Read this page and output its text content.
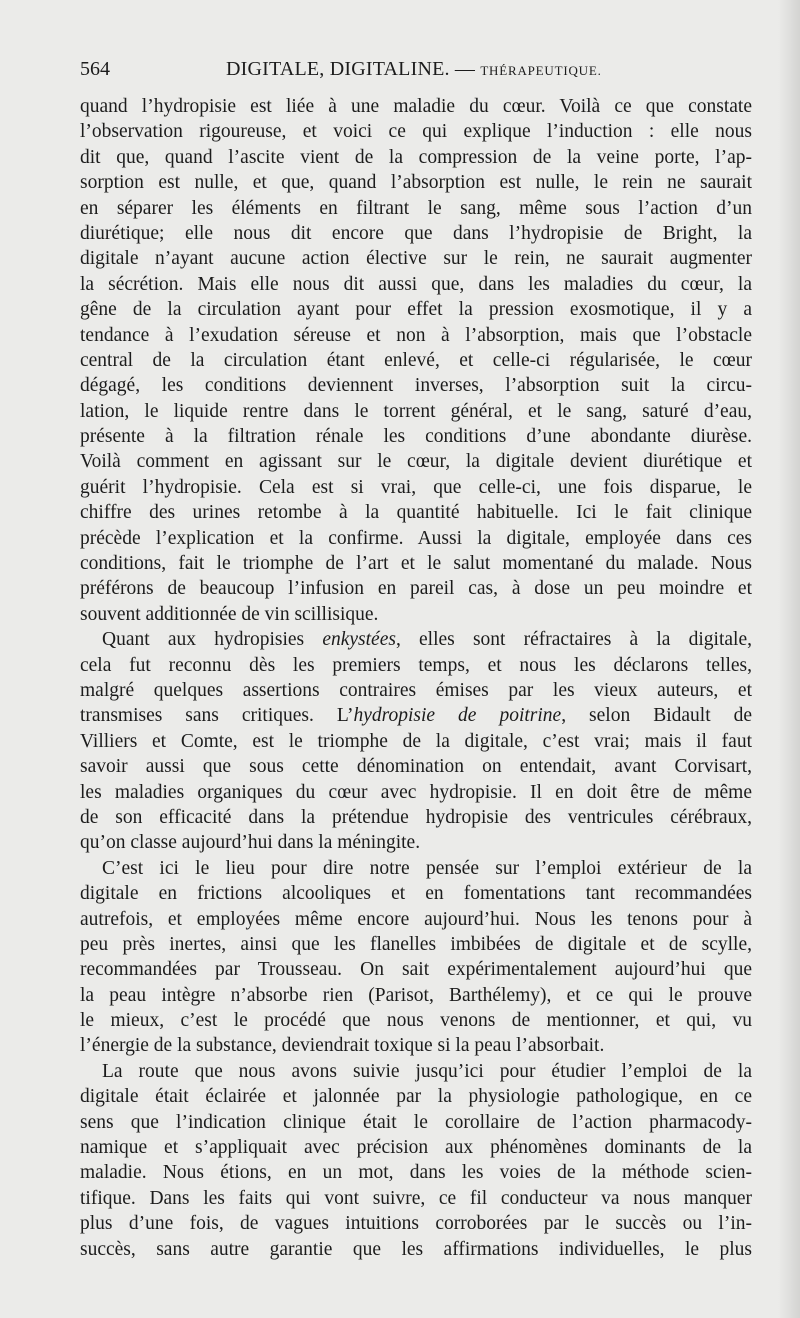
564	DIGITALE, DIGITALINE. — THÉRAPEUTIQUE.
quand l’hydropisie est liée à une maladie du cœur. Voilà ce que constate
l’observation rigoureuse, et voici ce qui explique l’induction : elle nous
dit que, quand l’ascite vient de la compression de la veine porte, l’ap-
sorption est nulle, et que, quand l’absorption est nulle, le rein ne saurait
en séparer les éléments en filtrant le sang, même sous l’action d’un
diurétique; elle nous dit encore que dans l’hydropisie de Bright, la
digitale n’ayant aucune action élective sur le rein, ne saurait augmenter
la sécrétion. Mais elle nous dit aussi que, dans les maladies du cœur, la
gêne de la circulation ayant pour effet la pression exosmotique, il y a
tendance à l’exudation séreuse et non à l’absorption, mais que l’obstacle
central de la circulation étant enlevé, et celle-ci régularisée, le cœur
dégagé, les conditions deviennent inverses, l’absorption suit la circu-
lation, le liquide rentre dans le torrent général, et le sang, saturé d’eau,
présente à la filtration rénale les conditions d’une abondante diurèse.
Voilà comment en agissant sur le cœur, la digitale devient diurétique et
guérit l’hydropisie. Cela est si vrai, que celle-ci, une fois disparue, le
chiffre des urines retombe à la quantité habituelle. Ici le fait clinique
précède l’explication et la confirme. Aussi la digitale, employée dans ces
conditions, fait le triomphe de l’art et le salut momentané du malade. Nous
préférons de beaucoup l’infusion en pareil cas, à dose un peu moindre et
souvent additionnée de vin scillisique.
Quant aux hydropisies enkystées, elles sont réfractaires à la digitale,
cela fut reconnu dès les premiers temps, et nous les déclarons telles,
malgré quelques assertions contraires émises par les vieux auteurs, et
transmises sans critiques. L’hydropisie de poitrine, selon Bidault de
Villiers et Comte, est le triomphe de la digitale, c’est vrai; mais il faut
savoir aussi que sous cette dénomination on entendait, avant Corvisart,
les maladies organiques du cœur avec hydropisie. Il en doit être de même
de son efficacité dans la prétendue hydropisie des ventricules cérébraux,
qu’on classe aujourd’hui dans la méningite.
C’est ici le lieu pour dire notre pensée sur l’emploi extérieur de la
digitale en frictions alcooliques et en fomentations tant recommandées
autrefois, et employées même encore aujourd’hui. Nous les tenons pour à
peu près inertes, ainsi que les flanelles imbibées de digitale et de scylle,
recommandées par Trousseau. On sait expérimentalement aujourd’hui que
la peau intègre n’absorbe rien (Parisot, Barthélemy), et ce qui le prouve
le mieux, c’est le procédé que nous venons de mentionner, et qui, vu
l’énergie de la substance, deviendrait toxique si la peau l’absorbait.
La route que nous avons suivie jusqu’ici pour étudier l’emploi de la
digitale était éclairée et jalonnée par la physiologie pathologique, en ce
sens que l’indication clinique était le corollaire de l’action pharmacody-
namique et s’appliquait avec précision aux phénomènes dominants de la
maladie. Nous étions, en un mot, dans les voies de la méthode scien-
tifique. Dans les faits qui vont suivre, ce fil conducteur va nous manquer
plus d’une fois, de vagues intuitions corroborées par le succès ou l’in-
succès, sans autre garantie que les affirmations individuelles, le plus
